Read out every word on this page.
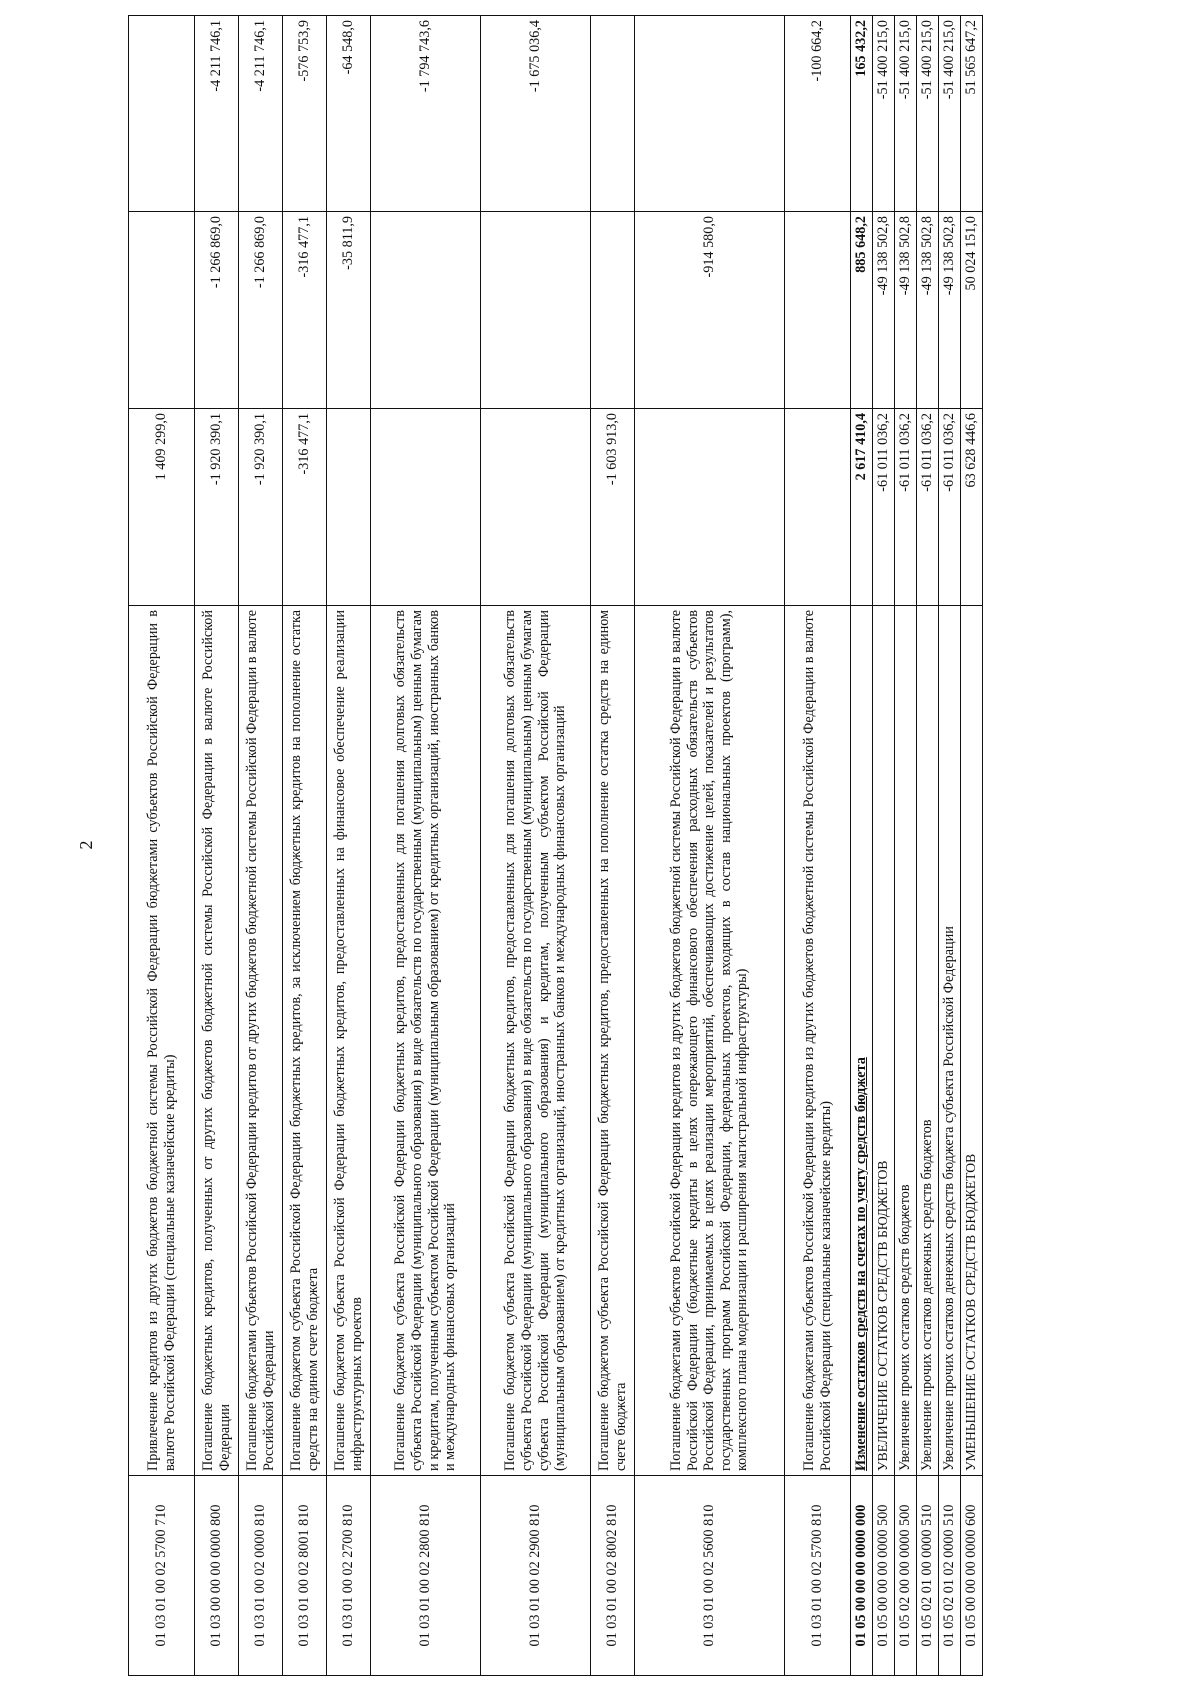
2
01 03 01 00 02 5700 710	Привлечение кредитов из других бюджетов бюджетной системы Российской Федерации бюджетами субъектов Российской Федерации в валюте Российской Федерации (специальные казначейские кредиты)	1 409 299,0		
01 03 00 00 00 0000 800	Погашение бюджетных кредитов, полученных от других бюджетов бюджетной системы Российской Федерации в валюте Российской Федерации	-1 920 390,1	-1 266 869,0	-4 211 746,1
01 03 01 00 02 0000 810	Погашение бюджетами субъектов Российской Федерации кредитов от других бюджетов бюджетной системы Российской Федерации в валюте Российской Федерации	-1 920 390,1	-1 266 869,0	-4 211 746,1
01 03 01 00 02 8001 810	Погашение бюджетом субъекта Российской Федерации бюджетных кредитов, за исключением бюджетных кредитов на пополнение остатка средств на едином счете бюджета	-316 477,1	-316 477,1	-576 753,9
01 03 01 00 02 2700 810	Погашение бюджетом субъекта Российской Федерации бюджетных кредитов, предоставленных на финансовое обеспечение реализации инфраструктурных проектов		-35 811,9	-64 548,0
01 03 01 00 02 2800 810	Погашение бюджетом субъекта Российской Федерации бюджетных кредитов, предоставленных для погашения долговых обязательств субъекта Российской Федерации (муниципального образования) в виде обязательств по государственным (муниципальным) ценным бумагам и кредитам, полученным субъектом Российской Федерации (муниципальным образованием) от кредитных организаций, иностранных банков и международных финансовых организаций			-1 794 743,6
01 03 01 00 02 2900 810	Погашение бюджетом субъекта Российской Федерации бюджетных кредитов, предоставленных для погашения долговых обязательств субъекта Российской Федерации (муниципального образования) в виде обязательств по государственным (муниципальным) ценным бумагам субъекта Российской Федерации (муниципального образования) и кредитам, полученным субъектом Российской Федерации (муниципальным образованием) от кредитных организаций, иностранных банков и международных финансовых организаций			-1 675 036,4
01 03 01 00 02 8002 810	Погашение бюджетом субъекта Российской Федерации бюджетных кредитов, предоставленных на пополнение остатка средств на едином счете бюджета	-1 603 913,0		
01 03 01 00 02 5600 810	Погашение бюджетами субъектов Российской Федерации кредитов из других бюджетов бюджетной системы Российской Федерации в валюте Российской Федерации (бюджетные кредиты в целях опережающего финансового обеспечения расходных обязательств субъектов Российской Федерации, принимаемых в целях реализации мероприятий, обеспечивающих достижение целей, показателей и результатов государственных программ Российской Федерации, федеральных проектов, входящих в состав национальных проектов (программ), комплексного плана модернизации и расширения магистральной инфраструктуры)		-914 580,0	
01 03 01 00 02 5700 810	Погашение бюджетами субъектов Российской Федерации кредитов из других бюджетов бюджетной системы Российской Федерации в валюте Российской Федерации (специальные казначейские кредиты)			-100 664,2
01 05 00 00 00 0000 000	Изменение остатков средств на счетах по учету средств бюджета	2 617 410,4	885 648,2	165 432,2
01 05 00 00 00 0000 500	УВЕЛИЧЕНИЕ ОСТАТКОВ СРЕДСТВ БЮДЖЕТОВ	-61 011 036,2	-49 138 502,8	-51 400 215,0
01 05 02 00 00 0000 500	Увеличение прочих остатков средств бюджетов	-61 011 036,2	-49 138 502,8	-51 400 215,0
01 05 02 01 00 0000 510	Увеличение прочих остатков денежных средств бюджетов	-61 011 036,2	-49 138 502,8	-51 400 215,0
01 05 02 01 02 0000 510	Увеличение прочих остатков денежных средств бюджета субъекта Российской Федерации	-61 011 036,2	-49 138 502,8	-51 400 215,0
01 05 00 00 00 0000 600	УМЕНЬШЕНИЕ ОСТАТКОВ СРЕДСТВ БЮДЖЕТОВ	63 628 446,6	50 024 151,0	51 565 647,2
